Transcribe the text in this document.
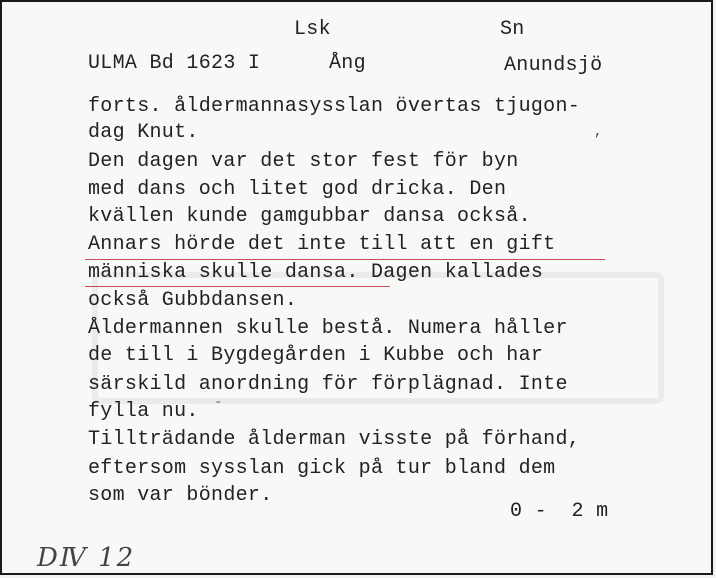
Lsk	Sn
ULMA Bd 1623 I	Ång	Anundsjö
forts. åldermannasysslan övertas tjugon-
dag Knut.
Den dagen var det stor fest för byn
med dans och litet god dricka. Den
kvällen kunde gamgubbar dansa också.
Annars hörde det inte till att en gift
människa skulle dansa. Dagen kallades
också Gubbdansen.
Åldermannen skulle bestå. Numera håller
de till i Bygdegården i Kubbe och har
särskild anordning för förplägnad. Inte
fylla nu.
Tillträdande ålderman visste på förhand,
eftersom sysslan gick på tur bland dem
som var bönder.
0 -  2 m
,
ˉ
DⅣ 12
